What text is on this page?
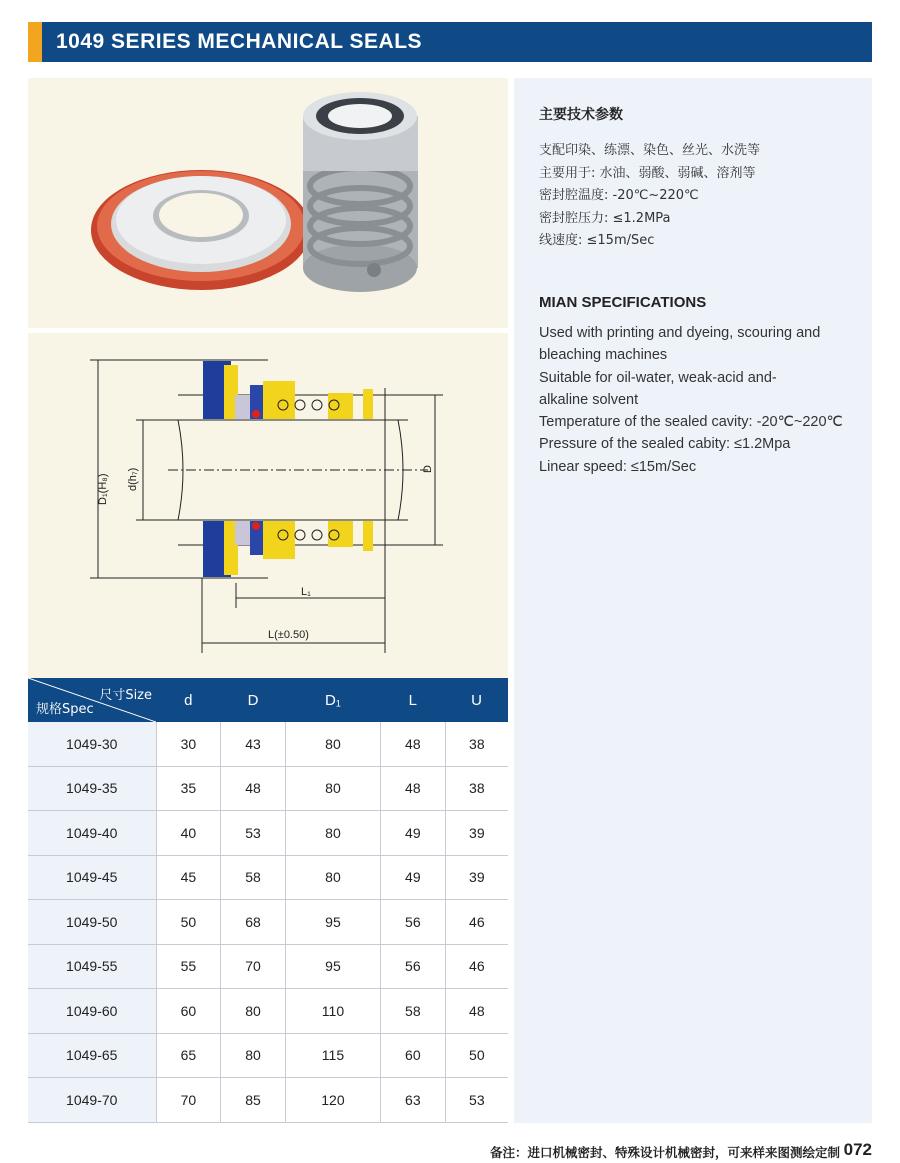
1049 SERIES MECHANICAL SEALS
D₁(H₈) d(h₇)	D
L₁
L(±0.50)
主要技术参数
支配印染、练漂、染色、丝光、水洗等
主要用于: 水油、弱酸、弱碱、溶剂等
密封腔温度: -20℃~220℃
密封腔压力: ≤1.2MPa
线速度: ≤15m/Sec
MIAN SPECIFICATIONS
Used with printing and dyeing, scouring and
bleaching machines
Suitable for oil-water, weak-acid and-
alkaline solvent
Temperature of the sealed cavity: -20℃~220℃
Pressure of the sealed cabity: ≤1.2Mpa
Linear speed: ≤15m/Sec
尺寸Size
规格Spec	d	D	D₁	L	U
1049-30	30	43	80	48	38
1049-35	35	48	80	48	38
1049-40	40	53	80	49	39
1049-45	45	58	80	49	39
1049-50	50	68	95	56	46
1049-55	55	70	95	56	46
1049-60	60	80	110	58	48
1049-65	65	80	115	60	50
1049-70	70	85	120	63	53
备注：进口机械密封、特殊设计机械密封，可来样来图测绘定制 072
